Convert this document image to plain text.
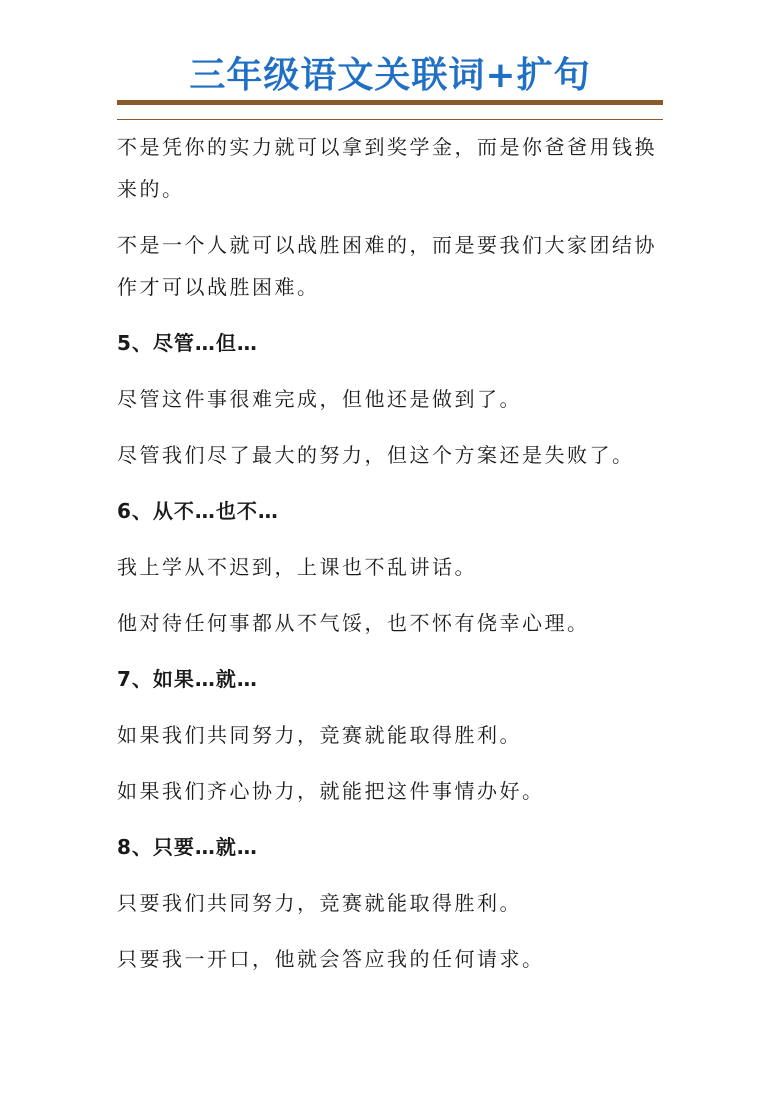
三年级语文关联词+扩句

不是凭你的实力就可以拿到奖学金，而是你爸爸用钱换来的。

不是一个人就可以战胜困难的，而是要我们大家团结协作才可以战胜困难。

5、尽管…但…

尽管这件事很难完成，但他还是做到了。

尽管我们尽了最大的努力，但这个方案还是失败了。

6、从不…也不…

我上学从不迟到，上课也不乱讲话。

他对待任何事都从不气馁，也不怀有侥幸心理。

7、如果…就…

如果我们共同努力，竞赛就能取得胜利。

如果我们齐心协力，就能把这件事情办好。

8、只要…就…

只要我们共同努力，竞赛就能取得胜利。

只要我一开口，他就会答应我的任何请求。
